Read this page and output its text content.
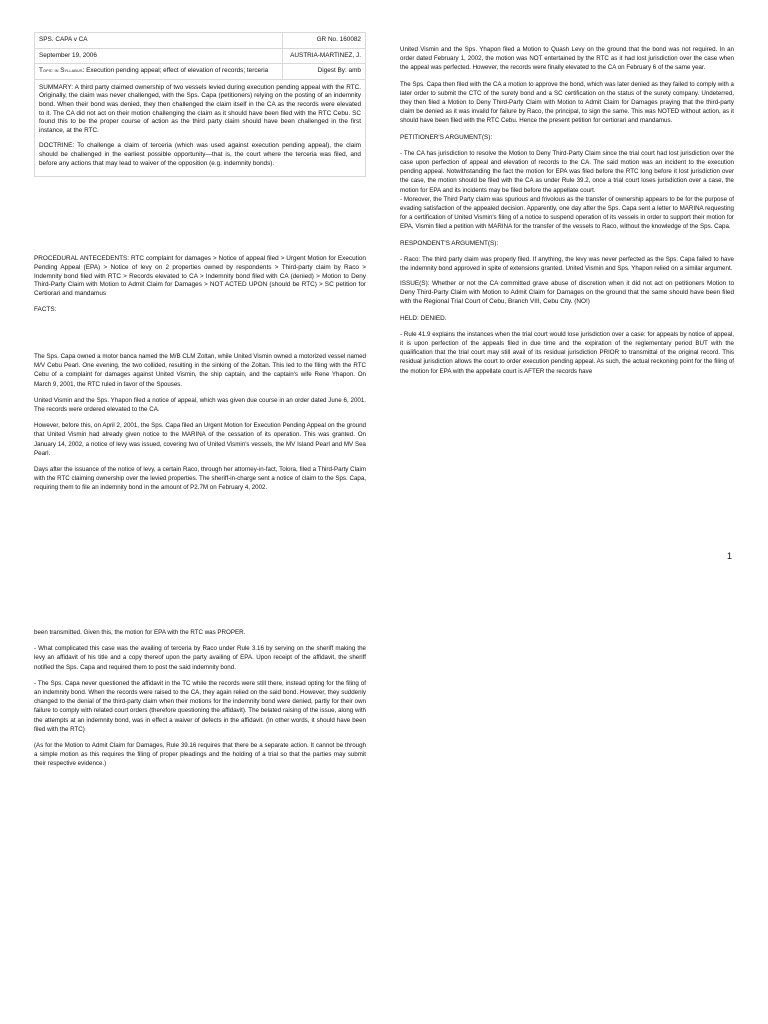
SPS. CAPA v CA	GR No. 160082
September 19, 2006	AUSTRIA-MARTINEZ, J.
Topic in Syllabus: Execution pending appeal; effect of elevation of records; terceria	Digest By: amb

SUMMARY: A third party claimed ownership of two vessels levied during execution pending appeal with the RTC. Originally, the claim was never challenged, with the Sps. Capa (petitioners) relying on the posting of an indemnity bond. When their bond was denied, they then challenged the claim itself in the CA as the records were elevated to it. The CA did not act on their motion challenging the claim as it should have been filed with the RTC Cebu. SC found this to be the proper course of action as the third party claim should have been challenged in the first instance, at the RTC.

DOCTRINE: To challenge a claim of terceria (which was used against execution pending appeal), the claim should be challenged in the earliest possible opportunity—that is, the court where the terceria was filed, and before any actions that may lead to waiver of the opposition (e.g. indemnity bonds).

PROCEDURAL ANTECEDENTS: RTC complaint for damages > Notice of appeal filed > Urgent Motion for Execution Pending Appeal (EPA) > Notice of levy on 2 properties owned by respondents > Third-party claim by Raco > Indemnity bond filed with RTC > Records elevated to CA > Indemnity bond filed with CA (denied) > Motion to Deny Third-Party Claim with Motion to Admit Claim for Damages > NOT ACTED UPON (should be RTC) > SC petition for Certiorari and mandamus

FACTS:

The Sps. Capa owned a motor banca named the M/B CLM Zoltan, while United Vismin owned a motorized vessel named M/V Cebu Pearl. One evening, the two collided, resulting in the sinking of the Zoltan. This led to the filing with the RTC Cebu of a complaint for damages against United Vismin, the ship captain, and the captain's wife Rene Yhapon. On March 9, 2001, the RTC ruled in favor of the Spouses.

United Vismin and the Sps. Yhapon filed a notice of appeal, which was given due course in an order dated June 6, 2001. The records were ordered elevated to the CA.

However, before this, on April 2, 2001, the Sps. Capa filed an Urgent Motion for Execution Pending Appeal on the ground that United Vismin had already given notice to the MARINA of the cessation of its operation. This was granted. On January 14, 2002, a notice of levy was issued, covering two of United Vismin's vessels, the MV Island Pearl and MV Sea Pearl.

Days after the issuance of the notice of levy, a certain Raco, through her attorney-in-fact, Tolora, filed a Third-Party Claim with the RTC claiming ownership over the levied properties. The sheriff-in-charge sent a notice of claim to the Sps. Capa, requiring them to file an indemnity bond in the amount of P2.7M on February 4, 2002.

United Vismin and the Sps. Yhapon filed a Motion to Quash Levy on the ground that the bond was not required. In an order dated February 1, 2002, the motion was NOT entertained by the RTC as it had lost jurisdiction over the case when the appeal was perfected. However, the records were finally elevated to the CA on February 6 of the same year.

The Sps. Capa then filed with the CA a motion to approve the bond, which was later denied as they failed to comply with a later order to submit the CTC of the surety bond and a SC certification on the status of the surety company. Undeterred, they then filed a Motion to Deny Third-Party Claim with Motion to Admit Claim for Damages praying that the third-party claim be denied as it was invalid for failure by Raco, the principal, to sign the same. This was NOTED without action, as it should have been filed with the RTC Cebu. Hence the present petition for certiorari and mandamus.

PETITIONER'S ARGUMENT(S):

- The CA has jurisdiction to resolve the Motion to Deny Third-Party Claim since the trial court had lost jurisdiction over the case upon perfection of appeal and elevation of records to the CA. The said motion was an incident to the execution pending appeal. Notwithstanding the fact the motion for EPA was filed before the RTC long before it lost jurisdiction over the case, the motion should be filed with the CA as under Rule 39.2, once a trial court loses jurisdiction over a case, the motion for EPA and its incidents may be filed before the appellate court.

- Moreover, the Third Party claim was spurious and frivolous as the transfer of ownership appears to be for the purpose of evading satisfaction of the appealed decision. Apparently, one day after the Sps. Capa sent a letter to MARINA requesting for a certification of United Vismin's filing of a notice to suspend operation of its vessels in order to support their motion for EPA, Vismin filed a petition with MARINA for the transfer of the vessels to Raco, without the knowledge of the Sps. Capa.

RESPONDENT'S ARGUMENT(S):

- Raco: The third party claim was properly filed. If anything, the levy was never perfected as the Sps. Capa failed to have the indemnity bond approved in spite of extensions granted. United Vismin and Sps. Yhapon relied on a similar argument.

ISSUE(S): Whether or not the CA committed grave abuse of discretion when it did not act on petitioners Motion to Deny Third-Party Claim with Motion to Admit Claim for Damages on the ground that the same should have been filed with the Regional Trial Court of Cebu, Branch VIII, Cebu City. (NO!)

HELD: DENIED.

- Rule 41.9 explains the instances when the trial court would lose jurisdiction over a case: for appeals by notice of appeal, it is upon perfection of the appeals filed in due time and the expiration of the reglementary period BUT with the qualification that the trial court may still avail of its residual jurisdiction PRIOR to transmittal of the original record. This residual jurisdiction allows the court to order execution pending appeal. As such, the actual reckoning point for the filing of the motion for EPA with the appellate court is AFTER the records have

1

been transmitted. Given this, the motion for EPA with the RTC was PROPER.

- What complicated this case was the availing of terceria by Raco under Rule 3.16 by serving on the sheriff making the levy an affidavit of his title and a copy thereof upon the party availing of EPA. Upon receipt of the affidavit, the sheriff notified the Sps. Capa and required them to post the said indemnity bond.

- The Sps. Capa never questioned the affidavit in the TC while the records were still there, instead opting for the filing of an indemnity bond. When the records were raised to the CA, they again relied on the said bond. However, they suddenly changed to the denial of the third-party claim when their motions for the indemnity bond were denied, partly for their own failure to comply with related court orders (therefore questioning the affidavit). The belated raising of the issue, along with the attempts at an indemnity bond, was in effect a waiver of defects in the affidavit. (In other words, it should have been filed with the RTC)

(As for the Motion to Admit Claim for Damages, Rule 39.16 requires that there be a separate action. It cannot be through a simple motion as this requires the filing of proper pleadings and the holding of a trial so that the parties may submit their respective evidence.)
